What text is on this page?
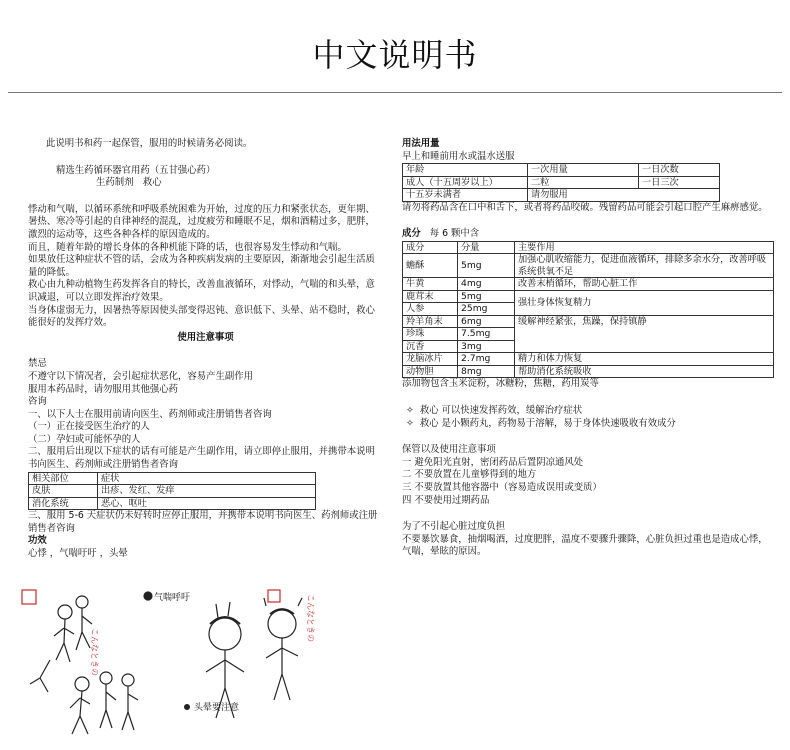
中文说明书

此说明书和药一起保管，服用的时候请务必阅读。

精选生药循环器官用药（五甘强心药）

生药制剂　救心

悸动和气喘，以循环系统和呼吸系统困难为开始，过度的压力和紧张状态，更年期、暑热、寒冷等引起的自律神经的混乱，过度疲劳和睡眠不足，烟和酒精过多，肥胖，激烈的运动等，这些各种各样的原因造成的。

而且，随着年龄的增长身体的各种机能下降的话，也很容易发生悸动和气喘。

如果放任这种症状不管的话，会成为各种疾病发病的主要原因，渐渐地会引起生活质量的降低。

救心由九种动植物生药发挥各自的特长，改善血液循环，对悸动，气喘的和头晕，意识减退，可以立即发挥治疗效果。

当身体虚弱无力，因暑热等原因使头部变得迟钝、意识低下、头晕、站不稳时，救心能很好的发挥疗效。

使用注意事项

禁忌

不遵守以下情况者，会引起症状恶化，容易产生副作用

服用本药品时，请勿服用其他强心药

咨询

一、以下人士在服用前请向医生、药剂师或注册销售者咨询

（一）正在接受医生治疗的人

（二）孕妇或可能怀孕的人

二、服用后出现以下症状的话有可能是产生副作用，请立即停止服用，并携带本说明书向医生、药剂师或注册销售者咨询

相关部位	症状
皮肤	出疹、发红、发痒
消化系统	恶心、呕吐

三、服用 5-6 天症状仍未好转时应停止服用，并携带本说明书向医生、药剂师或注册销售者咨询

功效

心悸 ，气喘吁吁 ，头晕

こんなときの
气喘呼吁
头晕要注意
こんなときの

用法用量

早上和睡前用水或温水送服

年龄	一次用量	一日次数
成人（十五周岁以上）	二粒	一日三次
十五岁未满者	请勿服用	

请勿将药品含在口中和舌下，或者将药品咬破。残留药品可能会引起口腔产生麻痹感觉。

成分 每 6 颗中含

成分	分量	主要作用
蟾酥	5mg	加强心肌收缩能力，促进血液循环，排除多余水分，改善呼吸系统供氧不足
牛黄	4mg	改善末梢循环，帮助心脏工作
鹿茸末	5mg	强壮身体恢复精力
人参	25mg	
羚羊角末	6mg	缓解神经紧张，焦躁，保持镇静
珍珠	7.5mg	
沉香	3mg	
龙脑冰片	2.7mg	精力和体力恢复
动物胆	8mg	帮助消化系统吸收

添加物包含玉米淀粉，冰糖粉，焦糖，药用炭等

✧ 救心 可以快速发挥药效，缓解治疗症状

✧ 救心 是小颗药丸，药物易于溶解，易于身体快速吸收有效成分

保管以及使用注意事项

一 避免阳光直射，密闭药品后置阴凉通风处

二 不要放置在儿童够得到的地方

三 不要放置其他容器中（容易造成误用或变质）

四 不要使用过期药品

为了不引起心脏过度负担

不要暴饮暴食，抽烟喝酒，过度肥胖，温度不要骤升骤降，心脏负担过重也是造成心悸，气喘，晕眩的原因。
